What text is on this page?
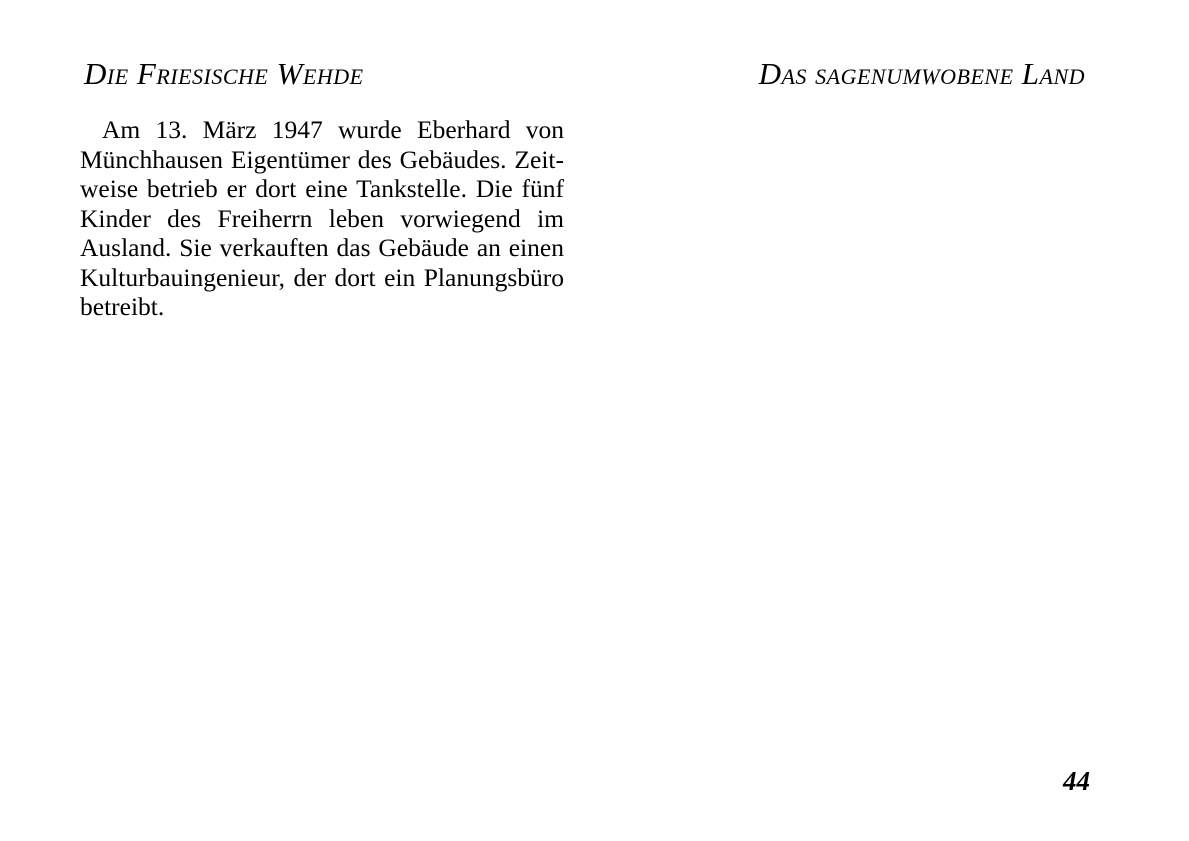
Die Friesische Wehde	Das sagenumwobene Land
Am 13. März 1947 wurde Eberhard von
Münchhausen Eigentümer des Gebäudes. Zeit-
weise betrieb er dort eine Tankstelle. Die fünf
Kinder des Freiherrn leben vorwiegend im
Ausland. Sie verkauften das Gebäude an einen
Kulturbauingenieur, der dort ein Planungsbüro
betreibt.
44
